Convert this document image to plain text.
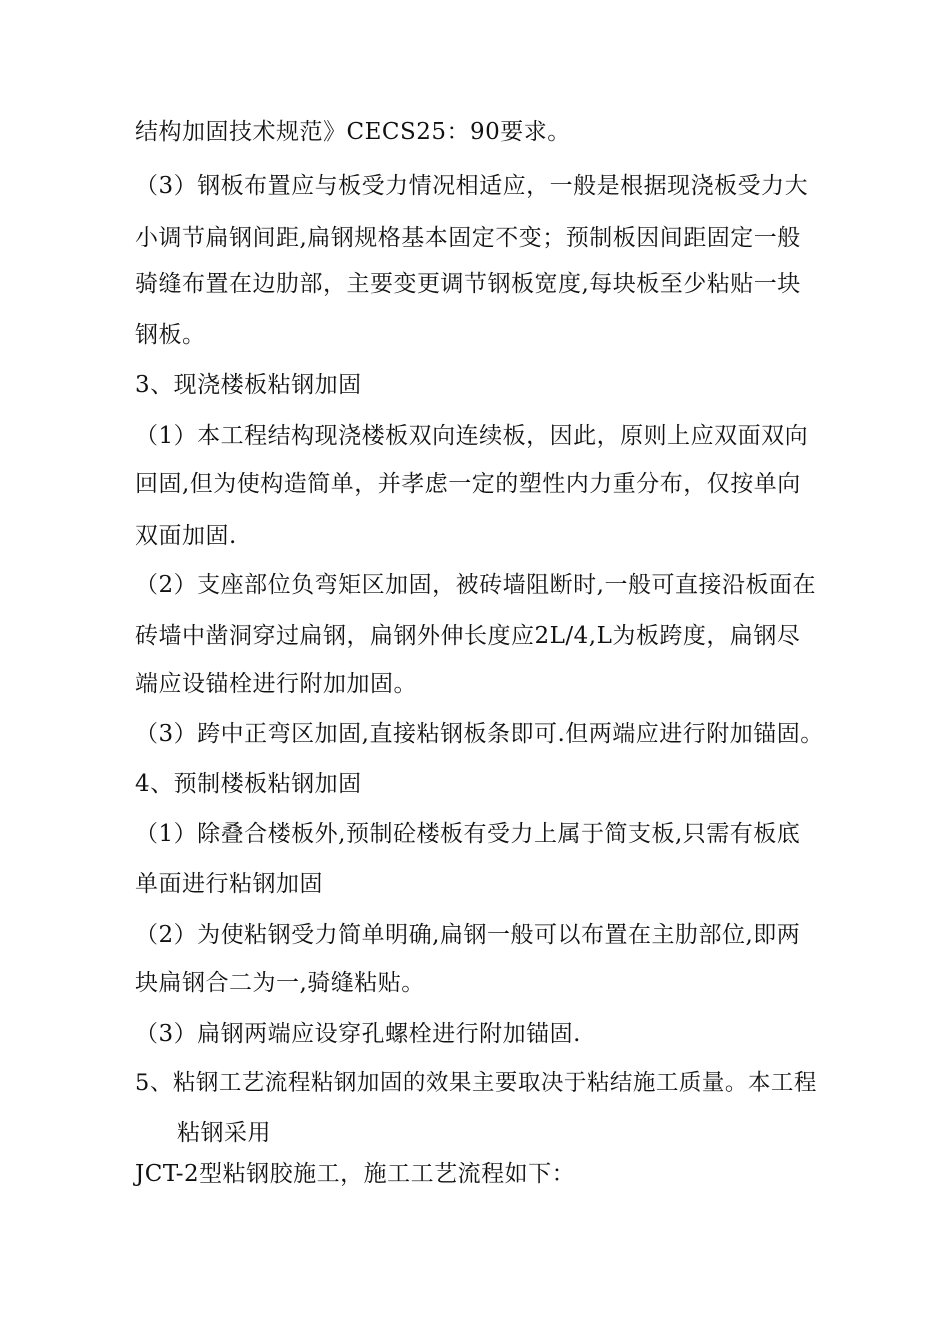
结构加固技术规范》CECS25：90要求。
（3）钢板布置应与板受力情况相适应，一般是根据现浇板受力大
小调节扁钢间距,扁钢规格基本固定不变；预制板因间距固定一般
骑缝布置在边肋部，主要变更调节钢板宽度,每块板至少粘贴一块
钢板。
3、现浇楼板粘钢加固
（1）本工程结构现浇楼板双向连续板，因此，原则上应双面双向
回固,但为使构造简单，并孝虑一定的塑性内力重分布，仅按单向
双面加固.
（2）支座部位负弯矩区加固，被砖墙阻断时,一般可直接沿板面在
砖墙中凿洞穿过扁钢，扁钢外伸长度应2L/4,L为板跨度，扁钢尽
端应设锚栓进行附加加固。
（3）跨中正弯区加固,直接粘钢板条即可.但两端应进行附加锚固。
4、预制楼板粘钢加固
（1）除叠合楼板外,预制砼楼板有受力上属于简支板,只需有板底
单面进行粘钢加固
（2）为使粘钢受力简单明确,扁钢一般可以布置在主肋部位,即两
块扁钢合二为一,骑缝粘贴。
（3）扁钢两端应设穿孔螺栓进行附加锚固.
5、粘钢工艺流程粘钢加固的效果主要取决于粘结施工质量。本工程
粘钢采用
JCT-2型粘钢胶施工，施工工艺流程如下：
